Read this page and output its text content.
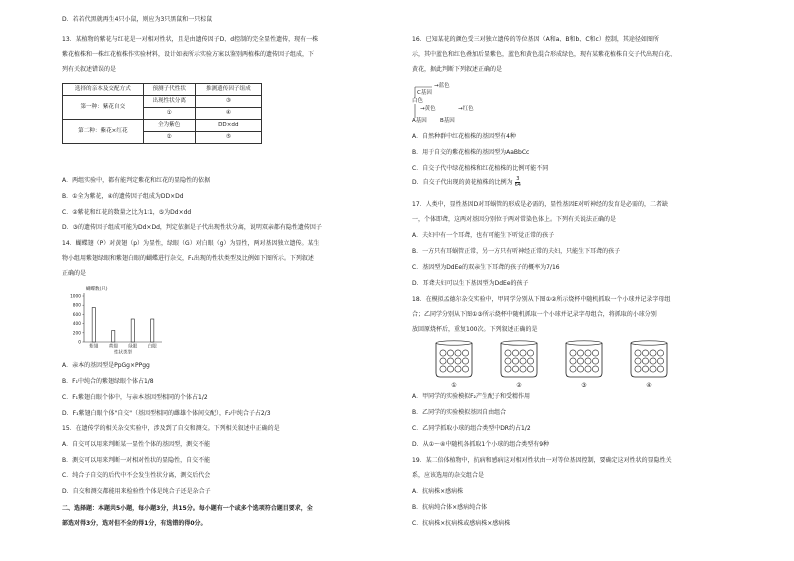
D．若若代黑就再生4只小鼠，则应为3只黑鼠和一只棕鼠

13．某植物的紫花与红花是一对相对性状，且是由遗传因子D、d控制的完全显性遗传，现有一株

紫花植株和一株红花植株作实验材料，设计如表所示实验方案以鉴别两植株的遗传因子组成，下

列有关叙述错误的是

选择的亲本及交配方式	预测子代性状	推测遗传因子组成
第一种：紫花自交	出现性状分离	③
	①	④
第二种：紫花×红花	全为紫色	DD×dd
	②	⑤

A．两组实验中，都有能判定紫花和红花的显隐性的依据

B．①全为紫花，④的遗传因子组成为DD×Dd

C．②紫花和红花的数量之比为1∶1，⑤为Dd×dd

D．③的遗传因子组成可能为Dd×Dd，判定依据是子代出现性状分离，说明双亲都有隐性遗传因子

14．蝴蝶翅（P）对黄翅（p）为显性，绿眼（G）对白眼（g）为显性，两对基因独立遗传。某生

物小组用紫翅绿眼和紫翅白眼的蝴蝶进行杂交，F₁出现的性状类型及比例如下图所示。下列叙述

正确的是

蝴蝶数(只)
0
200
400
600
800
1000
紫翅 黄翅 绿眼 白眼
性状类型

A．亲本的基因型是PpGg×PPgg

B．F₁中纯合的紫翅绿眼个体占1/8

C．F₁紫翅白眼个体中，与亲本基因型相同的个体占1/2

D．F₁紫翅白眼个体"自交"（基因型相同的雌雄个体间交配），F₂中纯合子占2/3

15．在遗传学的相关杂交实验中，涉及到了自交和测交。下列相关叙述中正确的是

A．自交可以用来判断某一显性个体的基因型，测交不能

B．测交可以用来判断一对相对性状的显隐性，自交不能

C．纯合子自交的后代中不会发生性状分离，测交后代会

D．自交和测交都能用来检验性个体是纯合子还是杂合子

二、选择题：本题共5小题，每小题3分，共15分。每小题有一个或多个选项符合题目要求，全

部选对得3分，选对但不全的得1分，有选错的得0分。

16．已知某花的颜色受三对独立遗传的等位基因（A和a、B和b、C和c）控制，其途径如图所

示，其中蓝色和红色叠加后显紫色，蓝色和黄色混合形成绿色，现有某紫花植株自交子代出现白花、

黄花，据此判断下列叙述正确的是

→蓝色
C基因
白色
→黄色	→红色
A基因 B基因

A．自然种群中红花植株的基因型有4种

B．用于自交的紫花植株的基因型为AaBbCc

C．自交子代中绿花植株和红花植株的比例可能不同

D．自交子代出现的黄花植株的比例为 $\frac{3}{64}$

17．人类中，显性基因D对耳蜗管的形成是必需的，显性基因E对听神经的发育是必需的，二者缺

一，个体即聋，这两对基因分别位于两对常染色体上。下列有关说法正确的是

A．夫妇中有一个耳聋，也有可能生下听觉正常的孩子

B．一方只有耳蜗管正常，另一方只有听神经正常的夫妇，只能生下耳聋的孩子

C．基因型为DdEe的双亲生下耳聋的孩子的概率为7/16

D．耳聋夫妇可以生下基因型为DdEe的孩子

18．在模拟孟德尔杂交实验中，甲同学分别从下图①②所示烧杯中随机抓取一个小球并记录字母组

合；乙同学分别从下图①③所示烧杯中随机抓取一个小球并记录字母组合，将抓取的小球分别

放回原烧杯后，重复100次。下列叙述正确的是

①	②	③	④

A．甲同学的实验模拟F₂产生配子和受精作用

B．乙同学的实验模拟基因自由组合

C．乙同学抓取小球的组合类型中DR约占1/2

D．从①～④中随机各抓取1个小球的组合类型有9种

19．某二倍体植物中，抗病和感病这对相对性状由一对等位基因控制，要确定这对性状的显隐性关

系，应该选用的杂交组合是

A．抗病株×感病株

B．抗病纯合体×感病纯合体

C．抗病株×抗病株或感病株×感病株
